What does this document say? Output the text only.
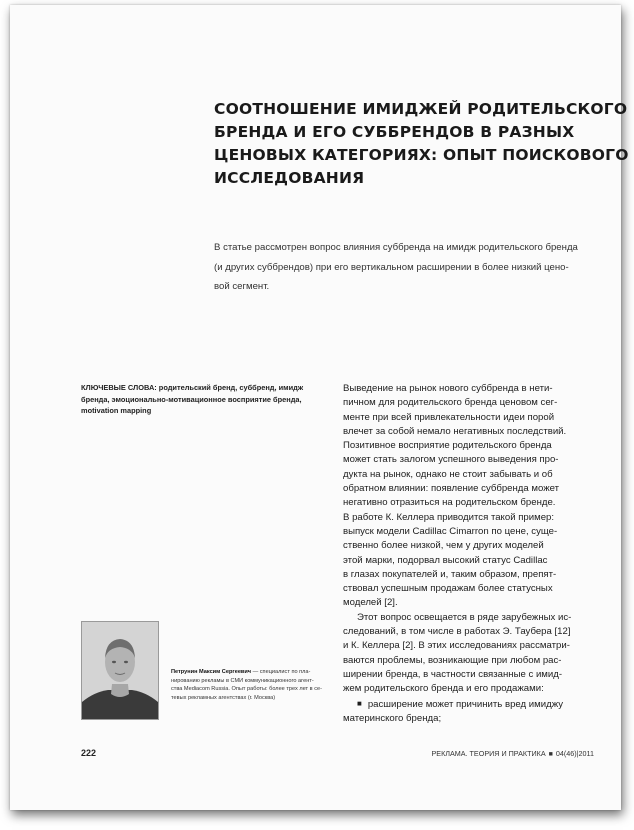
СООТНОШЕНИЕ ИМИДЖЕЙ РОДИТЕЛЬСКОГО
БРЕНДА И ЕГО СУББРЕНДОВ В РАЗНЫХ
ЦЕНОВЫХ КАТЕГОРИЯХ: ОПЫТ ПОИСКОВОГО
ИССЛЕДОВАНИЯ
В статье рассмотрен вопрос влияния суббренда на имидж родительского бренда
(и других суббрендов) при его вертикальном расширении в более низкий цено-
вой сегмент.
КЛЮЧЕВЫЕ СЛОВА: родительский бренд, суббренд, имидж
бренда, эмоционально-мотивационное восприятие бренда,
motivation mapping
Выведение на рынок нового суббренда в нети-
пичном для родительского бренда ценовом сег-
менте при всей привлекательности идеи порой
влечет за собой немало негативных последствий.
Позитивное восприятие родительского бренда
может стать залогом успешного выведения про-
дукта на рынок, однако не стоит забывать и об
обратном влиянии: появление суббренда может
негативно отразиться на родительском бренде.
В работе К. Келлера приводится такой пример:
выпуск модели Cadillac Cimarron по цене, суще-
ственно более низкой, чем у других моделей
этой марки, подорвал высокий статус Cadillac
в глазах покупателей и, таким образом, препят-
ствовал успешным продажам более статусных
моделей [2].
Этот вопрос освещается в ряде зарубежных ис-
следований, в том числе в работах Э. Таубера [12]
и К. Келлера [2]. В этих исследованиях рассматри-
ваются проблемы, возникающие при любом рас-
ширении бренда, в частности связанные с имид-
жем родительского бренда и его продажами:
■ расширение может причинить вред имиджу
материнского бренда;
Петрунин Максим Сергеевич — специалист по пла-
нированию рекламы в СМИ коммуникационного агент-
ства Mediacom Russia. Опыт работы: более трех лет в се-
тевых рекламных агентствах (г. Москва)
222	РЕКЛАМА. ТЕОРИЯ И ПРАКТИКА ■ 04(46)|2011
